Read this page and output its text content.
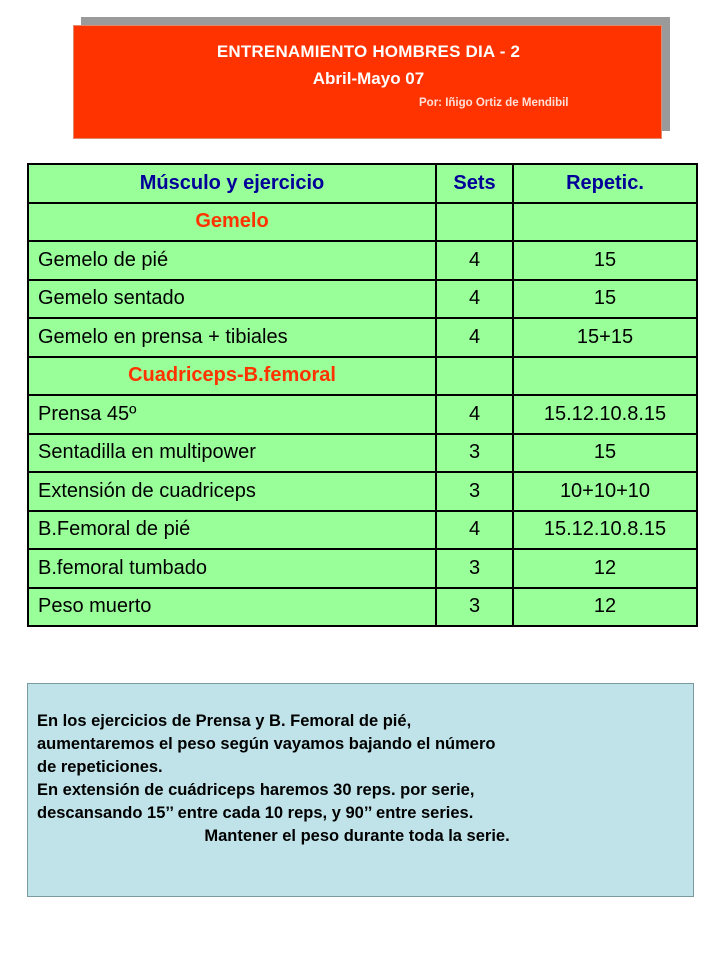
ENTRENAMIENTO HOMBRES DIA - 2
Abril-Mayo 07
Por: Iñigo Ortiz de Mendibil
Músculo y ejercicio	Sets	Repetic.
Gemelo		
Gemelo de pié	4	15
Gemelo sentado	4	15
Gemelo en prensa + tibiales	4	15+15
Cuadriceps-B.femoral		
Prensa 45º	4	15.12.10.8.15
Sentadilla en multipower	3	15
Extensión de cuadriceps	3	10+10+10
B.Femoral de pié	4	15.12.10.8.15
B.femoral tumbado	3	12
Peso muerto	3	12
En los ejercicios de Prensa y B. Femoral de pié,
aumentaremos el peso según vayamos bajando el número
de repeticiones.
En extensión de cuádriceps haremos 30 reps. por serie,
descansando 15’’ entre cada 10 reps, y 90’’ entre series.
Mantener el peso durante toda la serie.
